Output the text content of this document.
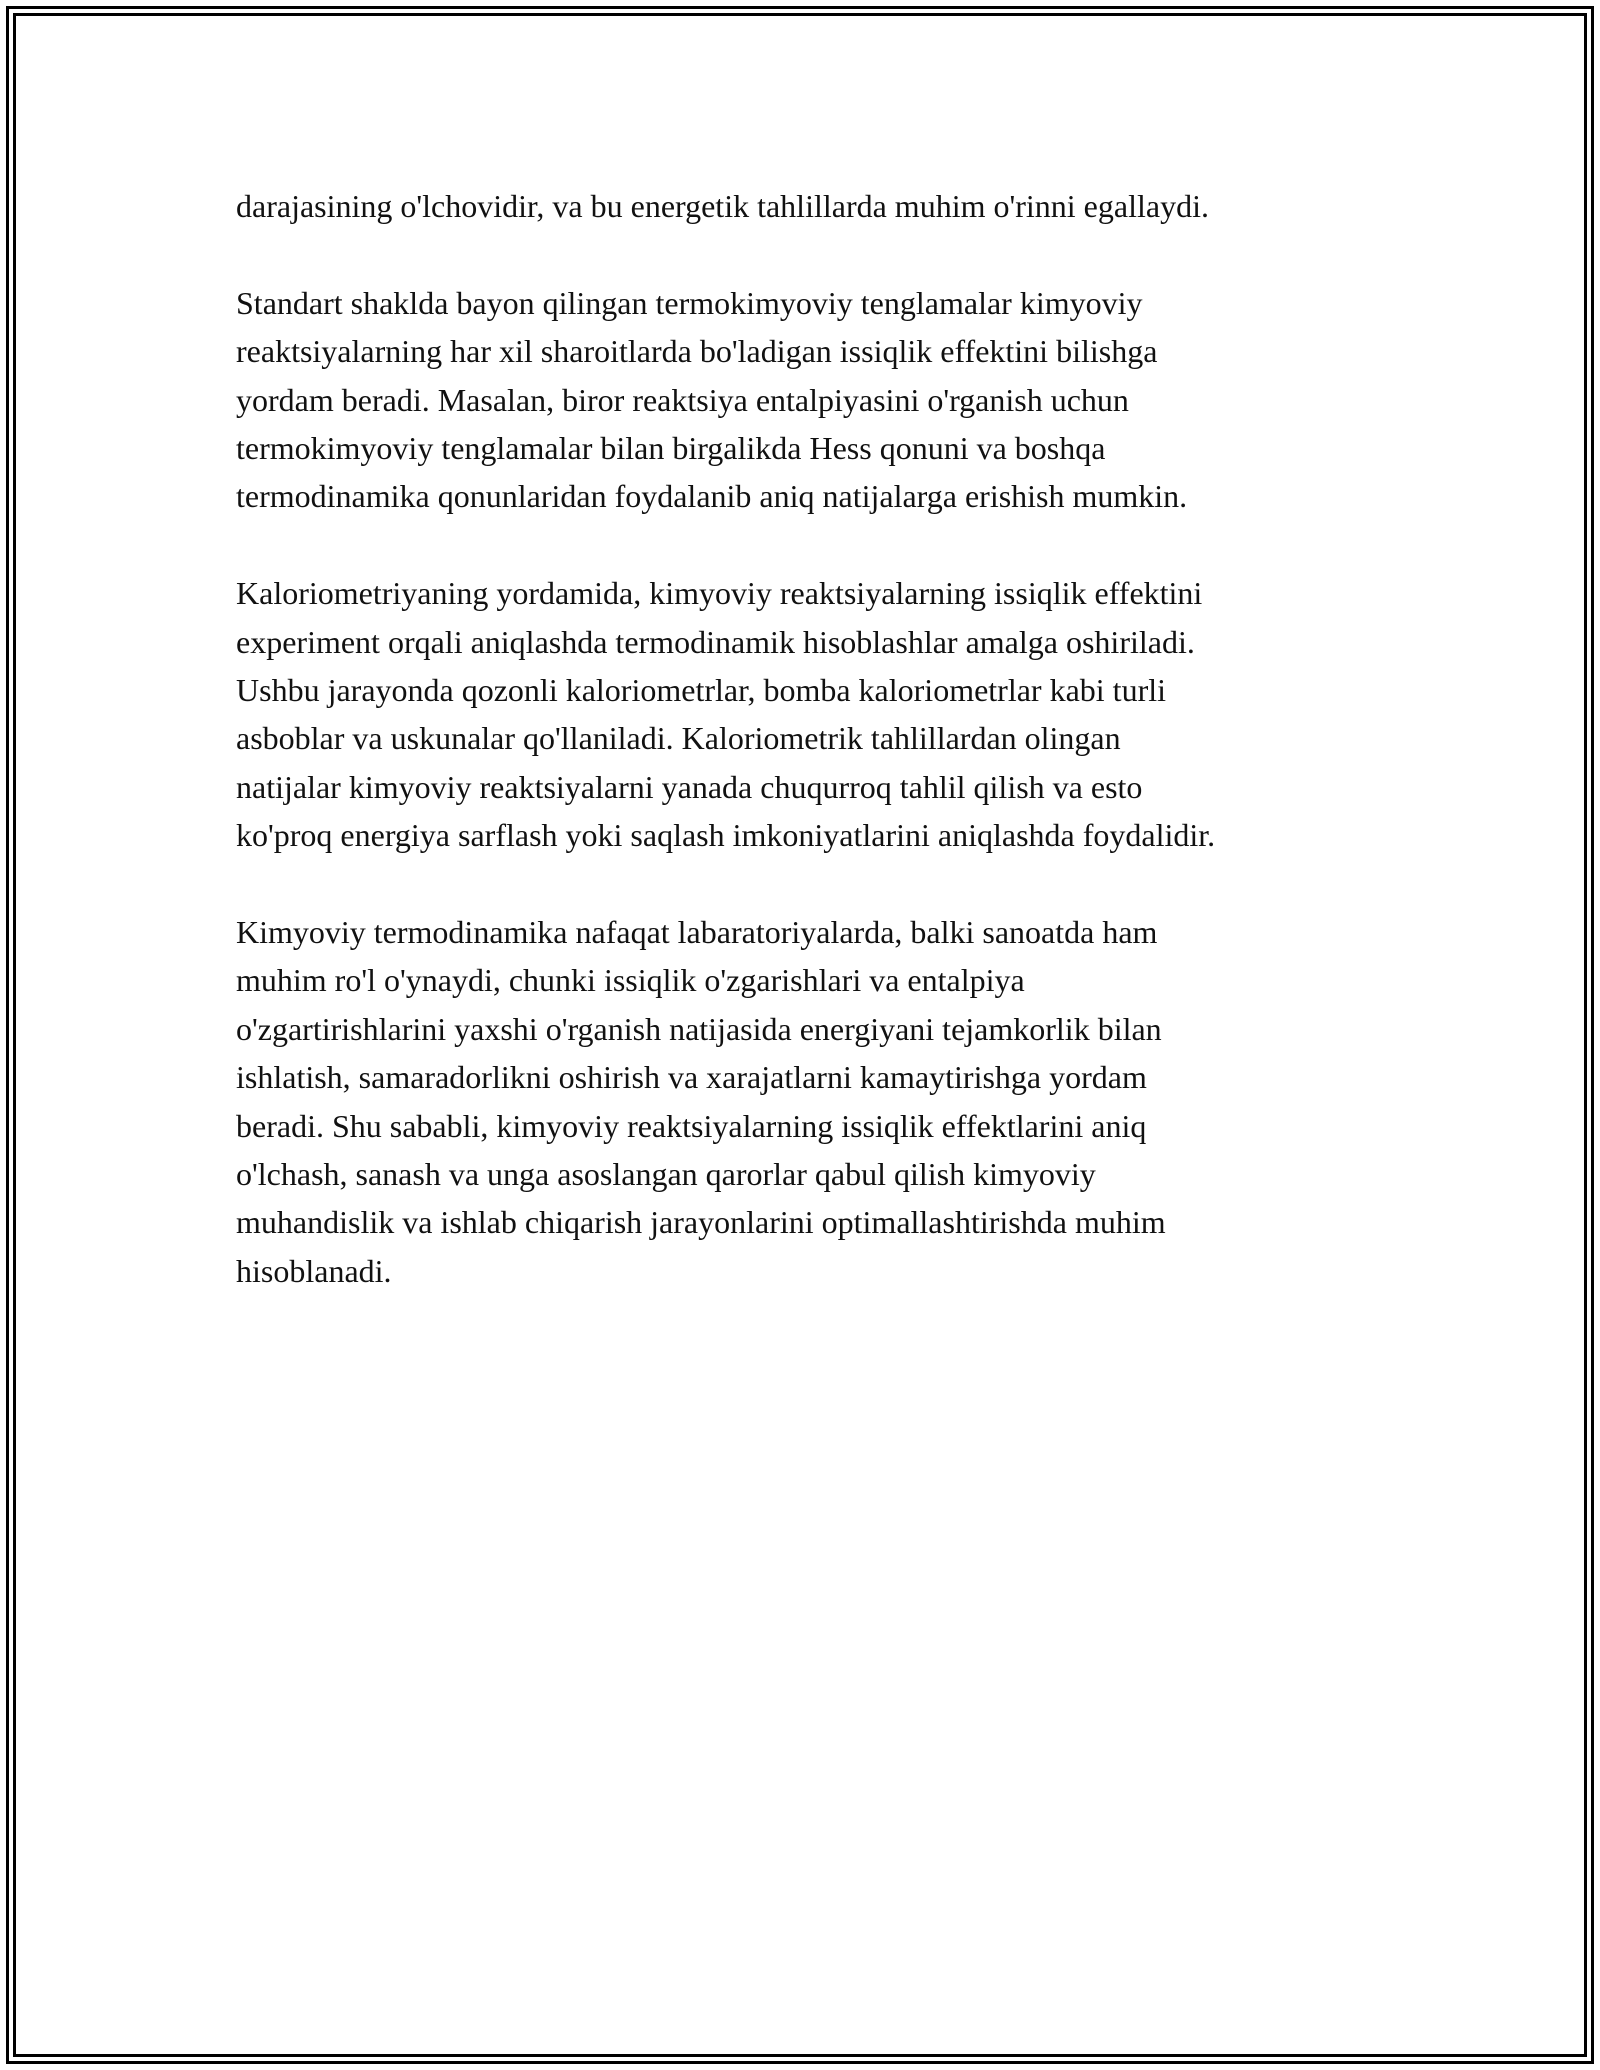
darajasining o'lchovidir, va bu energetik tahlillarda muhim o'rinni egallaydi.

Standart shaklda bayon qilingan termokimyoviy tenglamalar kimyoviy
reaktsiyalarning har xil sharoitlarda bo'ladigan issiqlik effektini bilishga
yordam beradi. Masalan, biror reaktsiya entalpiyasini o'rganish uchun
termokimyoviy tenglamalar bilan birgalikda Hess qonuni va boshqa
termodinamika qonunlaridan foydalanib aniq natijalarga erishish mumkin.

Kaloriometriyaning yordamida, kimyoviy reaktsiyalarning issiqlik effektini
experiment orqali aniqlashda termodinamik hisoblashlar amalga oshiriladi.
Ushbu jarayonda qozonli kaloriometrlar, bomba kaloriometrlar kabi turli
asboblar va uskunalar qo'llaniladi. Kaloriometrik tahlillardan olingan
natijalar kimyoviy reaktsiyalarni yanada chuqurroq tahlil qilish va esto
ko'proq energiya sarflash yoki saqlash imkoniyatlarini aniqlashda foydalidir.

Kimyoviy termodinamika nafaqat labaratoriyalarda, balki sanoatda ham
muhim ro'l o'ynaydi, chunki issiqlik o'zgarishlari va entalpiya
o'zgartirishlarini yaxshi o'rganish natijasida energiyani tejamkorlik bilan
ishlatish, samaradorlikni oshirish va xarajatlarni kamaytirishga yordam
beradi. Shu sababli, kimyoviy reaktsiyalarning issiqlik effektlarini aniq
o'lchash, sanash va unga asoslangan qarorlar qabul qilish kimyoviy
muhandislik va ishlab chiqarish jarayonlarini optimallashtirishda muhim
hisoblanadi.
